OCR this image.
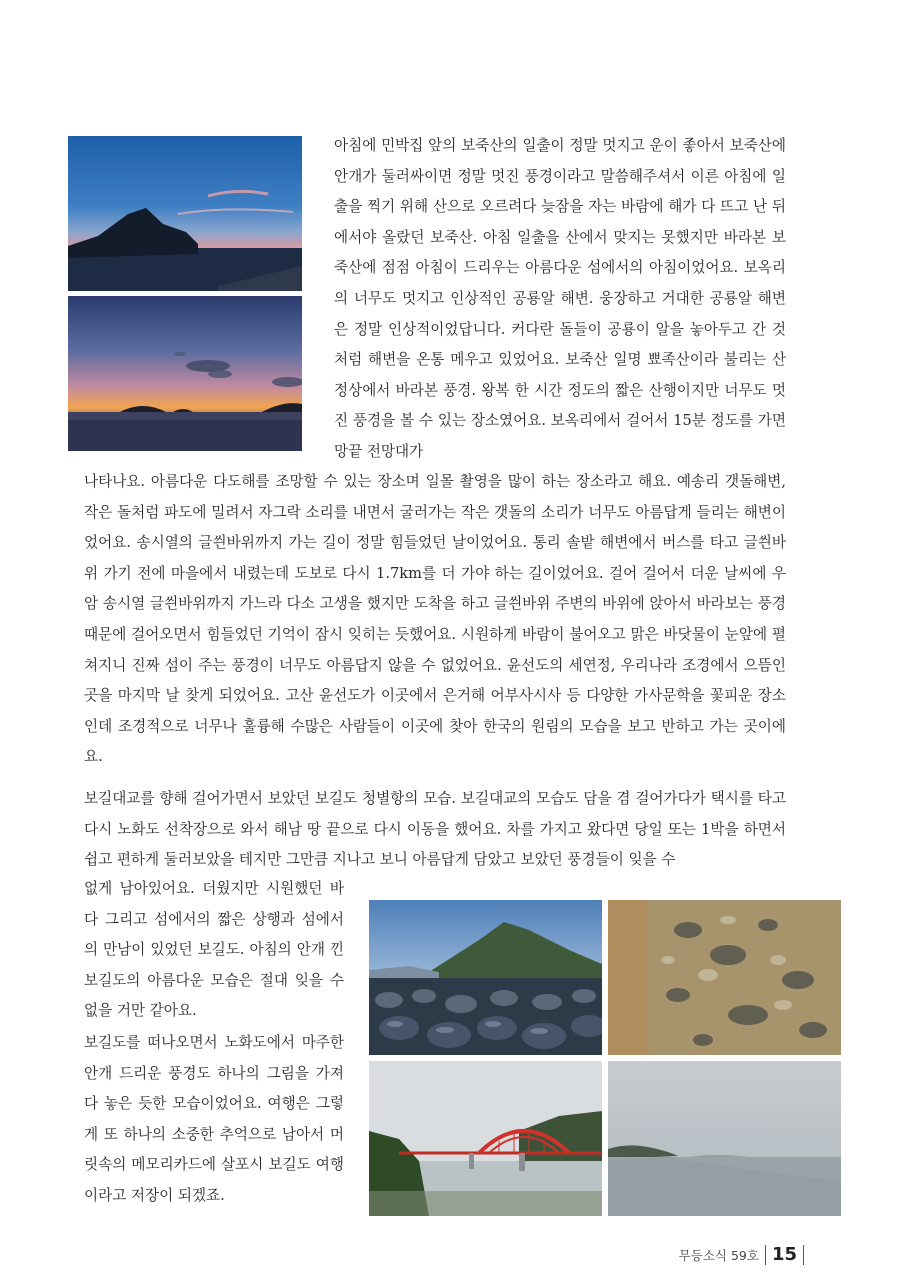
아침에 민박집 앞의 보죽산의 일출이 정말 멋지고 운이 좋아서 보죽산에 안개가 둘러싸이면 정말 멋진 풍경이라고 말씀해주셔서 이른 아침에 일출을 찍기 위해 산으로 오르려다 늦잠을 자는 바람에 해가 다 뜨고 난 뒤에서야 올랐던 보죽산. 아침 일출을 산에서 맞지는 못했지만 바라본 보죽산에 점점 아침이 드리우는 아름다운 섬에서의 아침이었어요. 보옥리의 너무도 멋지고 인상적인 공룡알 해변. 웅장하고 거대한 공룡알 해변은 정말 인상적이었답니다. 커다란 돌들이 공룡이 알을 놓아두고 간 것처럼 해변을 온통 메우고 있었어요. 보죽산 일명 뾰족산이라 불리는 산 정상에서 바라본 풍경. 왕복 한 시간 정도의 짧은 산행이지만 너무도 멋진 풍경을 볼 수 있는 장소였어요. 보옥리에서 걸어서 15분 정도를 가면 망끝 전망대가

나타나요. 아름다운 다도해를 조망할 수 있는 장소며 일몰 촬영을 많이 하는 장소라고 해요. 예송리 갯돌해변, 작은 돌처럼 파도에 밀려서 자그락 소리를 내면서 굴러가는 작은 갯돌의 소리가 너무도 아름답게 들리는 해변이었어요. 송시열의 글씐바위까지 가는 길이 정말 힘들었던 날이었어요. 통리 솔밭 해변에서 버스를 타고 글씐바위 가기 전에 마을에서 내렸는데 도보로 다시 1.7km를 더 가야 하는 길이었어요. 걸어 걸어서 더운 날씨에 우암 송시열 글씐바위까지 가느라 다소 고생을 했지만 도착을 하고 글씐바위 주변의 바위에 앉아서 바라보는 풍경 때문에 걸어오면서 힘들었던 기억이 잠시 잊히는 듯했어요. 시원하게 바람이 불어오고 맑은 바닷물이 눈앞에 펼쳐지니 진짜 섬이 주는 풍경이 너무도 아름답지 않을 수 없었어요. 윤선도의 세연정, 우리나라 조경에서 으뜸인 곳을 마지막 날 찾게 되었어요. 고산 윤선도가 이곳에서 은거해 어부사시사 등 다양한 가사문학을 꽃피운 장소인데 조경적으로 너무나 훌륭해 수많은 사람들이 이곳에 찾아 한국의 원림의 모습을 보고 반하고 가는 곳이에요.

보길대교를 향해 걸어가면서 보았던 보길도 청별항의 모습. 보길대교의 모습도 담을 겸 걸어가다가 택시를 타고 다시 노화도 선착장으로 와서 해남 땅 끝으로 다시 이동을 했어요. 차를 가지고 왔다면 당일 또는 1박을 하면서 쉽고 편하게 둘러보았을 테지만 그만큼 지나고 보니 아름답게 담았고 보았던 풍경들이 잊을 수

없게 남아있어요. 더웠지만 시원했던 바다 그리고 섬에서의 짧은 상행과 섬에서의 만남이 있었던 보길도. 아침의 안개 낀 보길도의 아름다운 모습은 절대 잊을 수 없을 거만 같아요.

보길도를 떠나오면서 노화도에서 마주한 안개 드리운 풍경도 하나의 그림을 가져다 놓은 듯한 모습이었어요. 여행은 그렇게 또 하나의 소중한 추억으로 남아서 머릿속의 메모리카드에 살포시 보길도 여행이라고 저장이 되겠죠.

무등소식 59호 15
